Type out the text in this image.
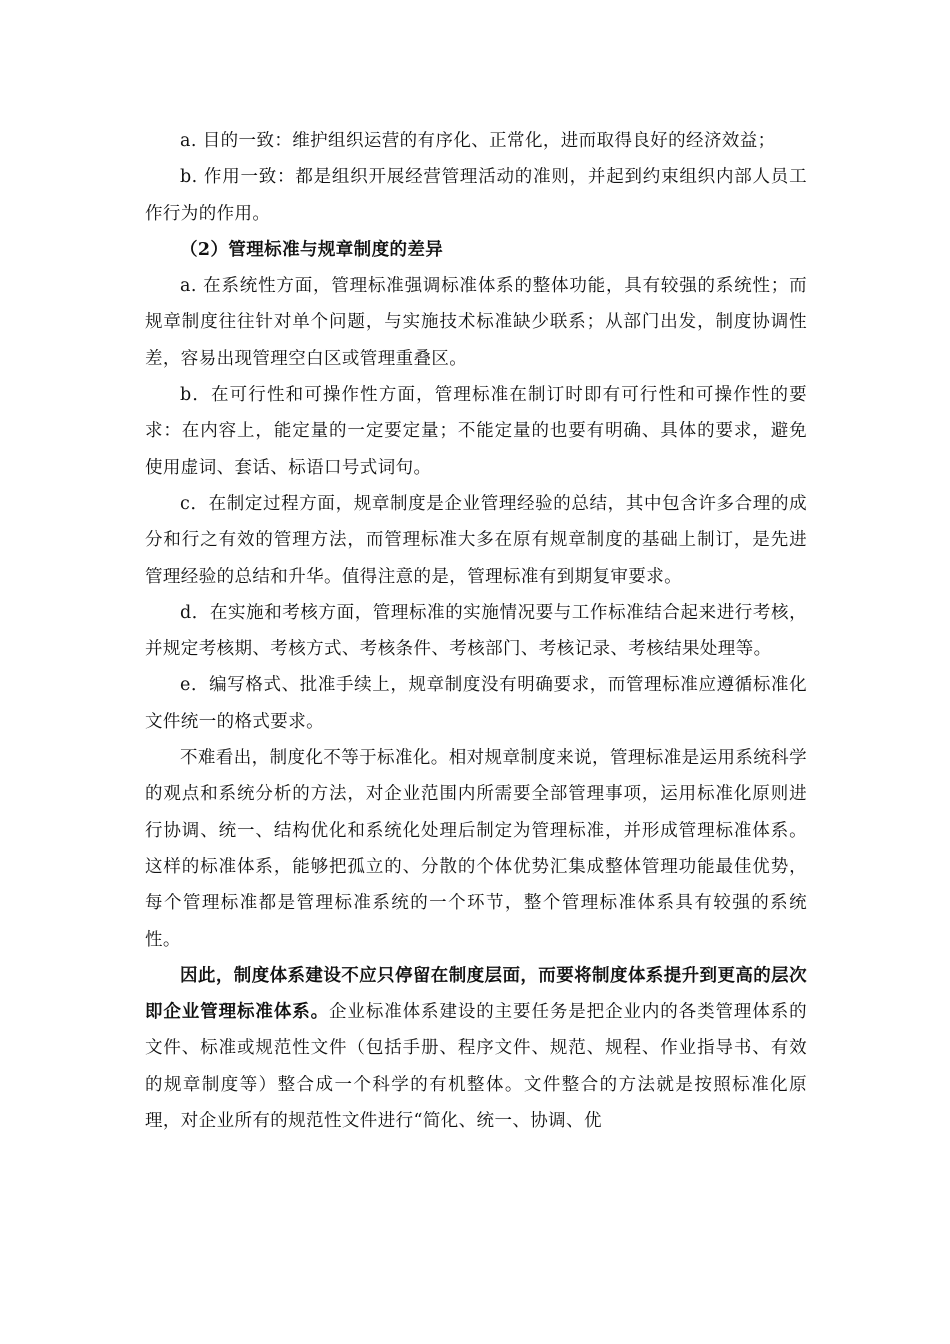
a. 目的一致：维护组织运营的有序化、正常化，进而取得良好的经济效益；

b. 作用一致：都是组织开展经营管理活动的准则，并起到约束组织内部人员工作行为的作用。

（2）管理标准与规章制度的差异

a. 在系统性方面，管理标准强调标准体系的整体功能，具有较强的系统性；而规章制度往往针对单个问题，与实施技术标准缺少联系；从部门出发，制度协调性差，容易出现管理空白区或管理重叠区。

b．在可行性和可操作性方面，管理标准在制订时即有可行性和可操作性的要求：在内容上，能定量的一定要定量；不能定量的也要有明确、具体的要求，避免使用虚词、套话、标语口号式词句。

c．在制定过程方面，规章制度是企业管理经验的总结，其中包含许多合理的成分和行之有效的管理方法，而管理标准大多在原有规章制度的基础上制订，是先进管理经验的总结和升华。值得注意的是，管理标准有到期复审要求。

d．在实施和考核方面，管理标准的实施情况要与工作标准结合起来进行考核，并规定考核期、考核方式、考核条件、考核部门、考核记录、考核结果处理等。

e．编写格式、批准手续上，规章制度没有明确要求，而管理标准应遵循标准化文件统一的格式要求。

不难看出，制度化不等于标准化。相对规章制度来说，管理标准是运用系统科学的观点和系统分析的方法，对企业范围内所需要全部管理事项，运用标准化原则进行协调、统一、结构优化和系统化处理后制定为管理标准，并形成管理标准体系。这样的标准体系，能够把孤立的、分散的个体优势汇集成整体管理功能最佳优势，每个管理标准都是管理标准系统的一个环节，整个管理标准体系具有较强的系统性。

因此，制度体系建设不应只停留在制度层面，而要将制度体系提升到更高的层次即企业管理标准体系。企业标准体系建设的主要任务是把企业内的各类管理体系的文件、标准或规范性文件（包括手册、程序文件、规范、规程、作业指导书、有效的规章制度等）整合成一个科学的有机整体。文件整合的方法就是按照标准化原理，对企业所有的规范性文件进行“简化、统一、协调、优
